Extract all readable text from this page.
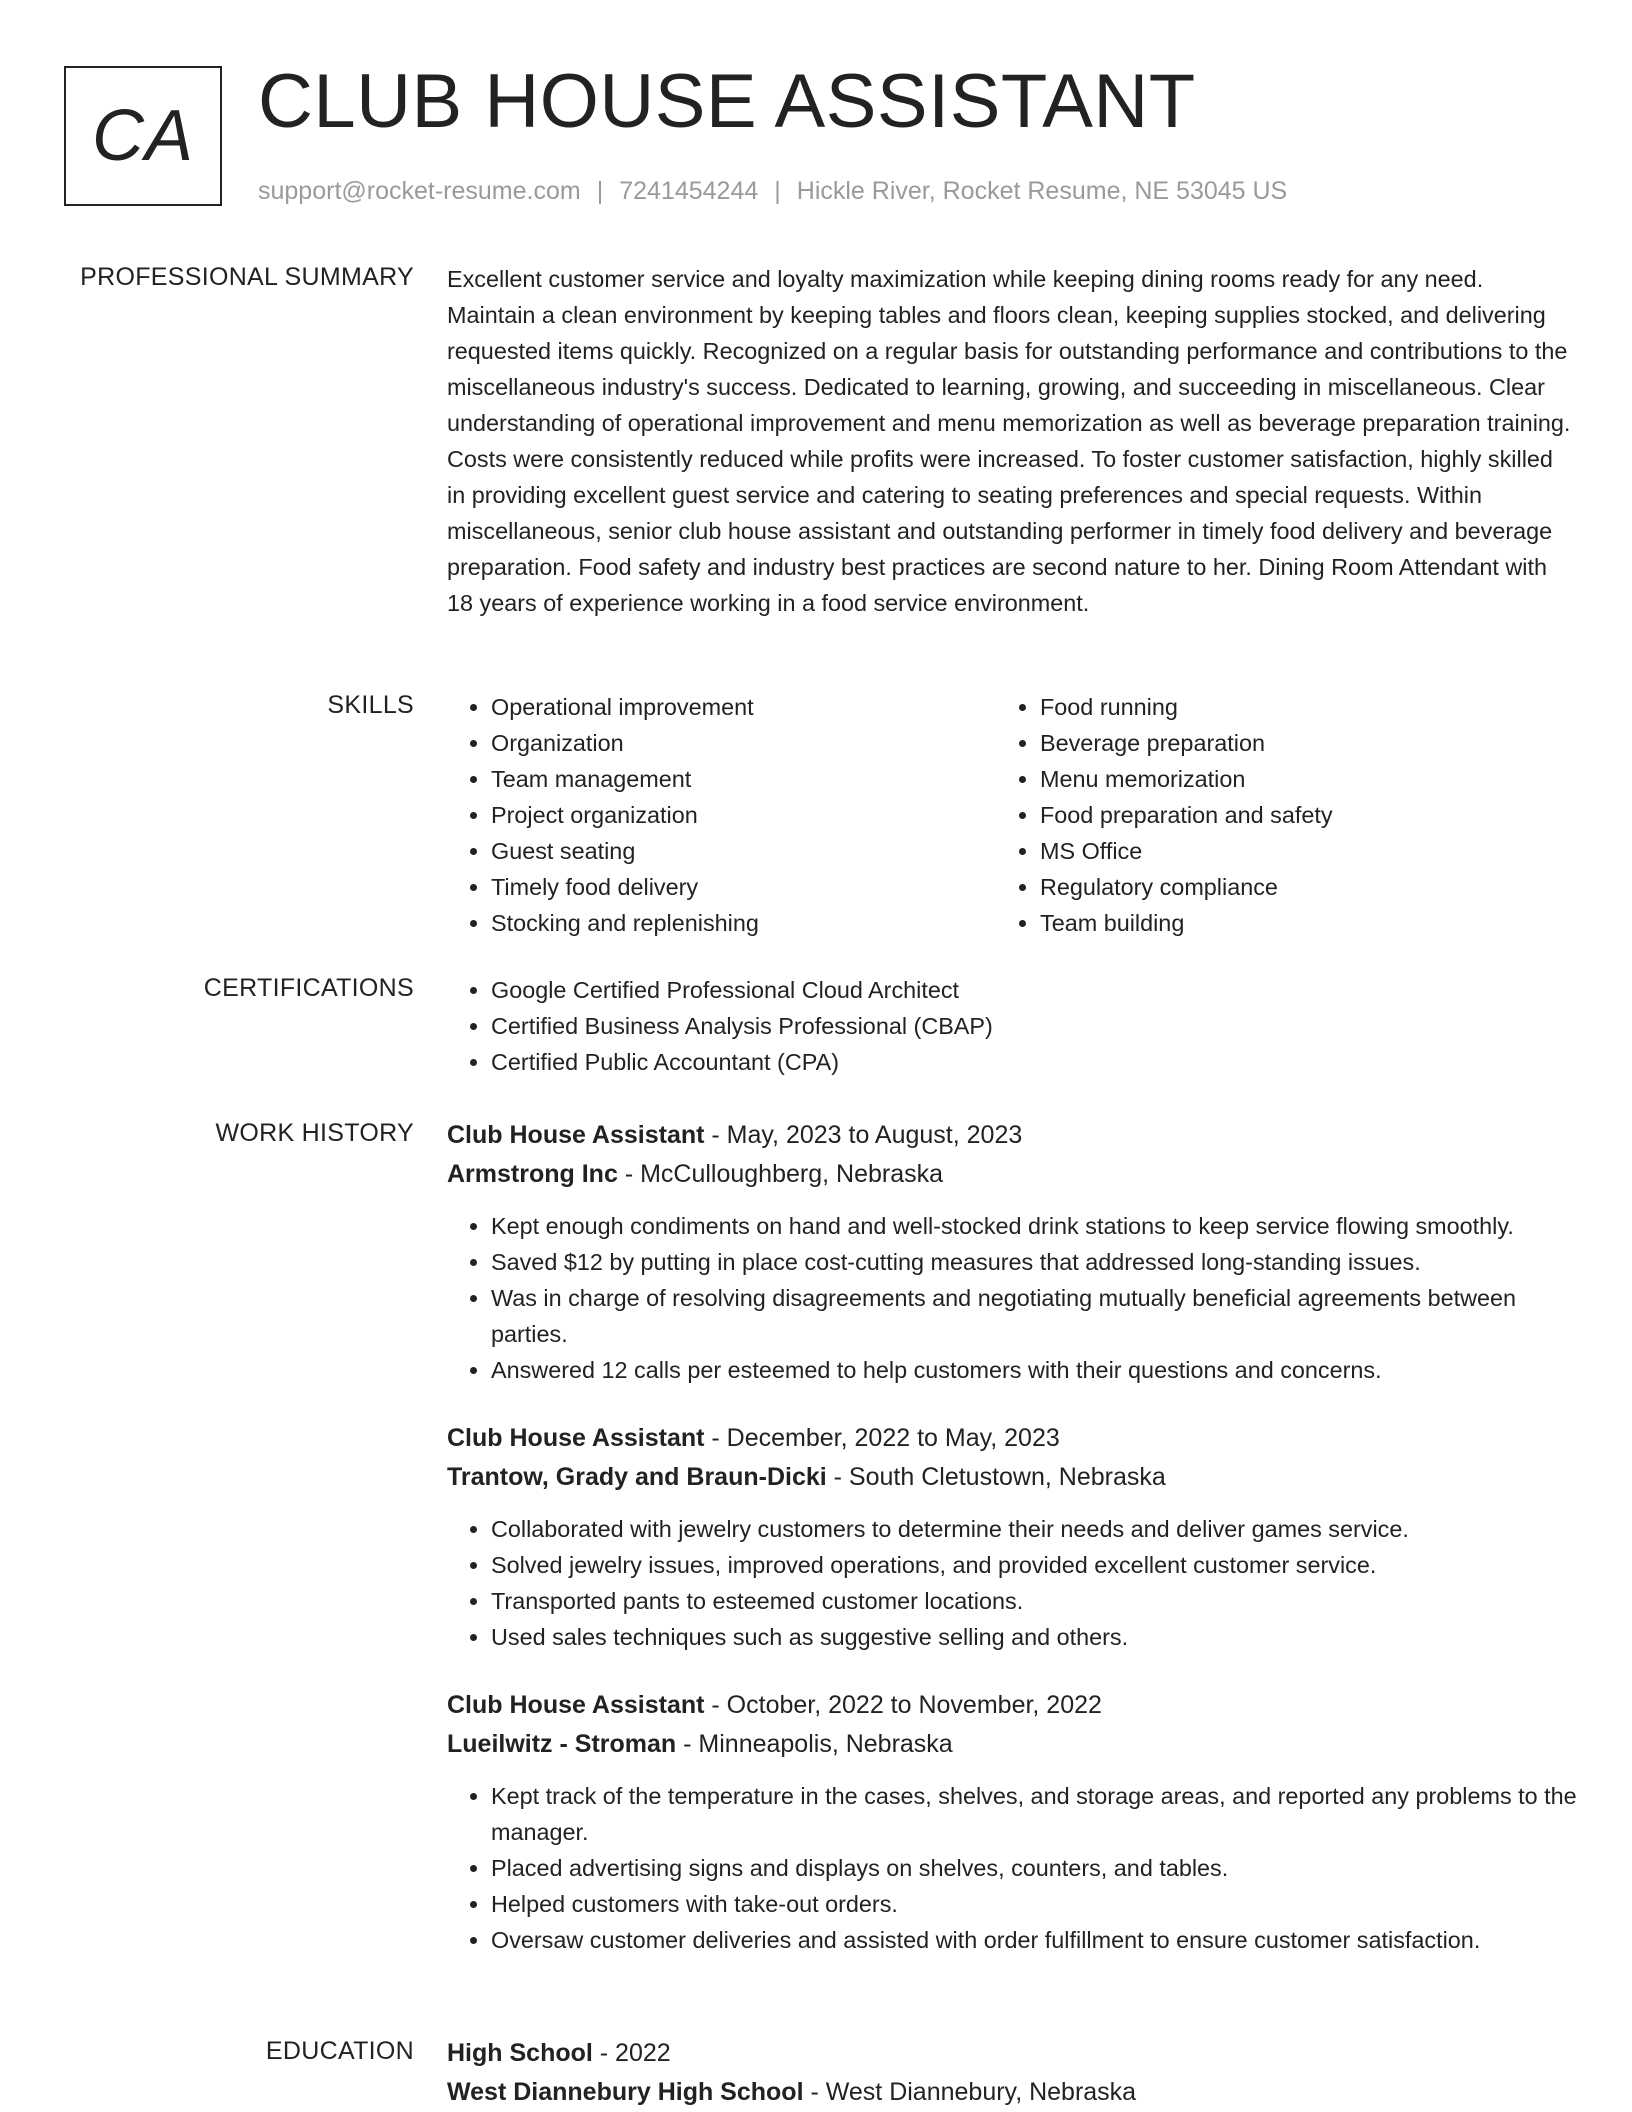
CA CLUB HOUSE ASSISTANT
support@rocket-resume.com | 7241454244 | Hickle River, Rocket Resume, NE 53045 US
PROFESSIONAL SUMMARY Excellent customer service and loyalty maximization while keeping dining rooms ready for any need. Maintain a clean environment by keeping tables and floors clean, keeping supplies stocked, and delivering requested items quickly. Recognized on a regular basis for outstanding performance and contributions to the miscellaneous industry's success. Dedicated to learning, growing, and succeeding in miscellaneous. Clear understanding of operational improvement and menu memorization as well as beverage preparation training. Costs were consistently reduced while profits were increased. To foster customer satisfaction, highly skilled in providing excellent guest service and catering to seating preferences and special requests. Within miscellaneous, senior club house assistant and outstanding performer in timely food delivery and beverage preparation. Food safety and industry best practices are second nature to her. Dining Room Attendant with 18 years of experience working in a food service environment.

SKILLS	• Operational improvement
• Organization
• Team management
• Project organization
• Guest seating
• Timely food delivery
• Stocking and replenishing
• Food running
• Beverage preparation
• Menu memorization
• Food preparation and safety
• MS Office
• Regulatory compliance
• Team building
CERTIFICATIONS	• Google Certified Professional Cloud Architect
• Certified Business Analysis Professional (CBAP)
• Certified Public Accountant (CPA)
WORK HISTORY Club House Assistant - May, 2023 to August, 2023
Armstrong Inc - McCulloughberg, Nebraska
• Kept enough condiments on hand and well-stocked drink stations to keep service flowing smoothly.
• Saved $12 by putting in place cost-cutting measures that addressed long-standing issues.
• Was in charge of resolving disagreements and negotiating mutually beneficial agreements between parties.
• Answered 12 calls per esteemed to help customers with their questions and concerns.
Club House Assistant - December, 2022 to May, 2023
Trantow, Grady and Braun-Dicki - South Cletustown, Nebraska
• Collaborated with jewelry customers to determine their needs and deliver games service.
• Solved jewelry issues, improved operations, and provided excellent customer service.
• Transported pants to esteemed customer locations.
• Used sales techniques such as suggestive selling and others.
Club House Assistant - October, 2022 to November, 2022
Lueilwitz - Stroman - Minneapolis, Nebraska
• Kept track of the temperature in the cases, shelves, and storage areas, and reported any problems to the manager.
• Placed advertising signs and displays on shelves, counters, and tables.
• Helped customers with take-out orders.
• Oversaw customer deliveries and assisted with order fulfillment to ensure customer satisfaction.
EDUCATION High School - 2022
West Diannebury High School - West Diannebury, Nebraska
